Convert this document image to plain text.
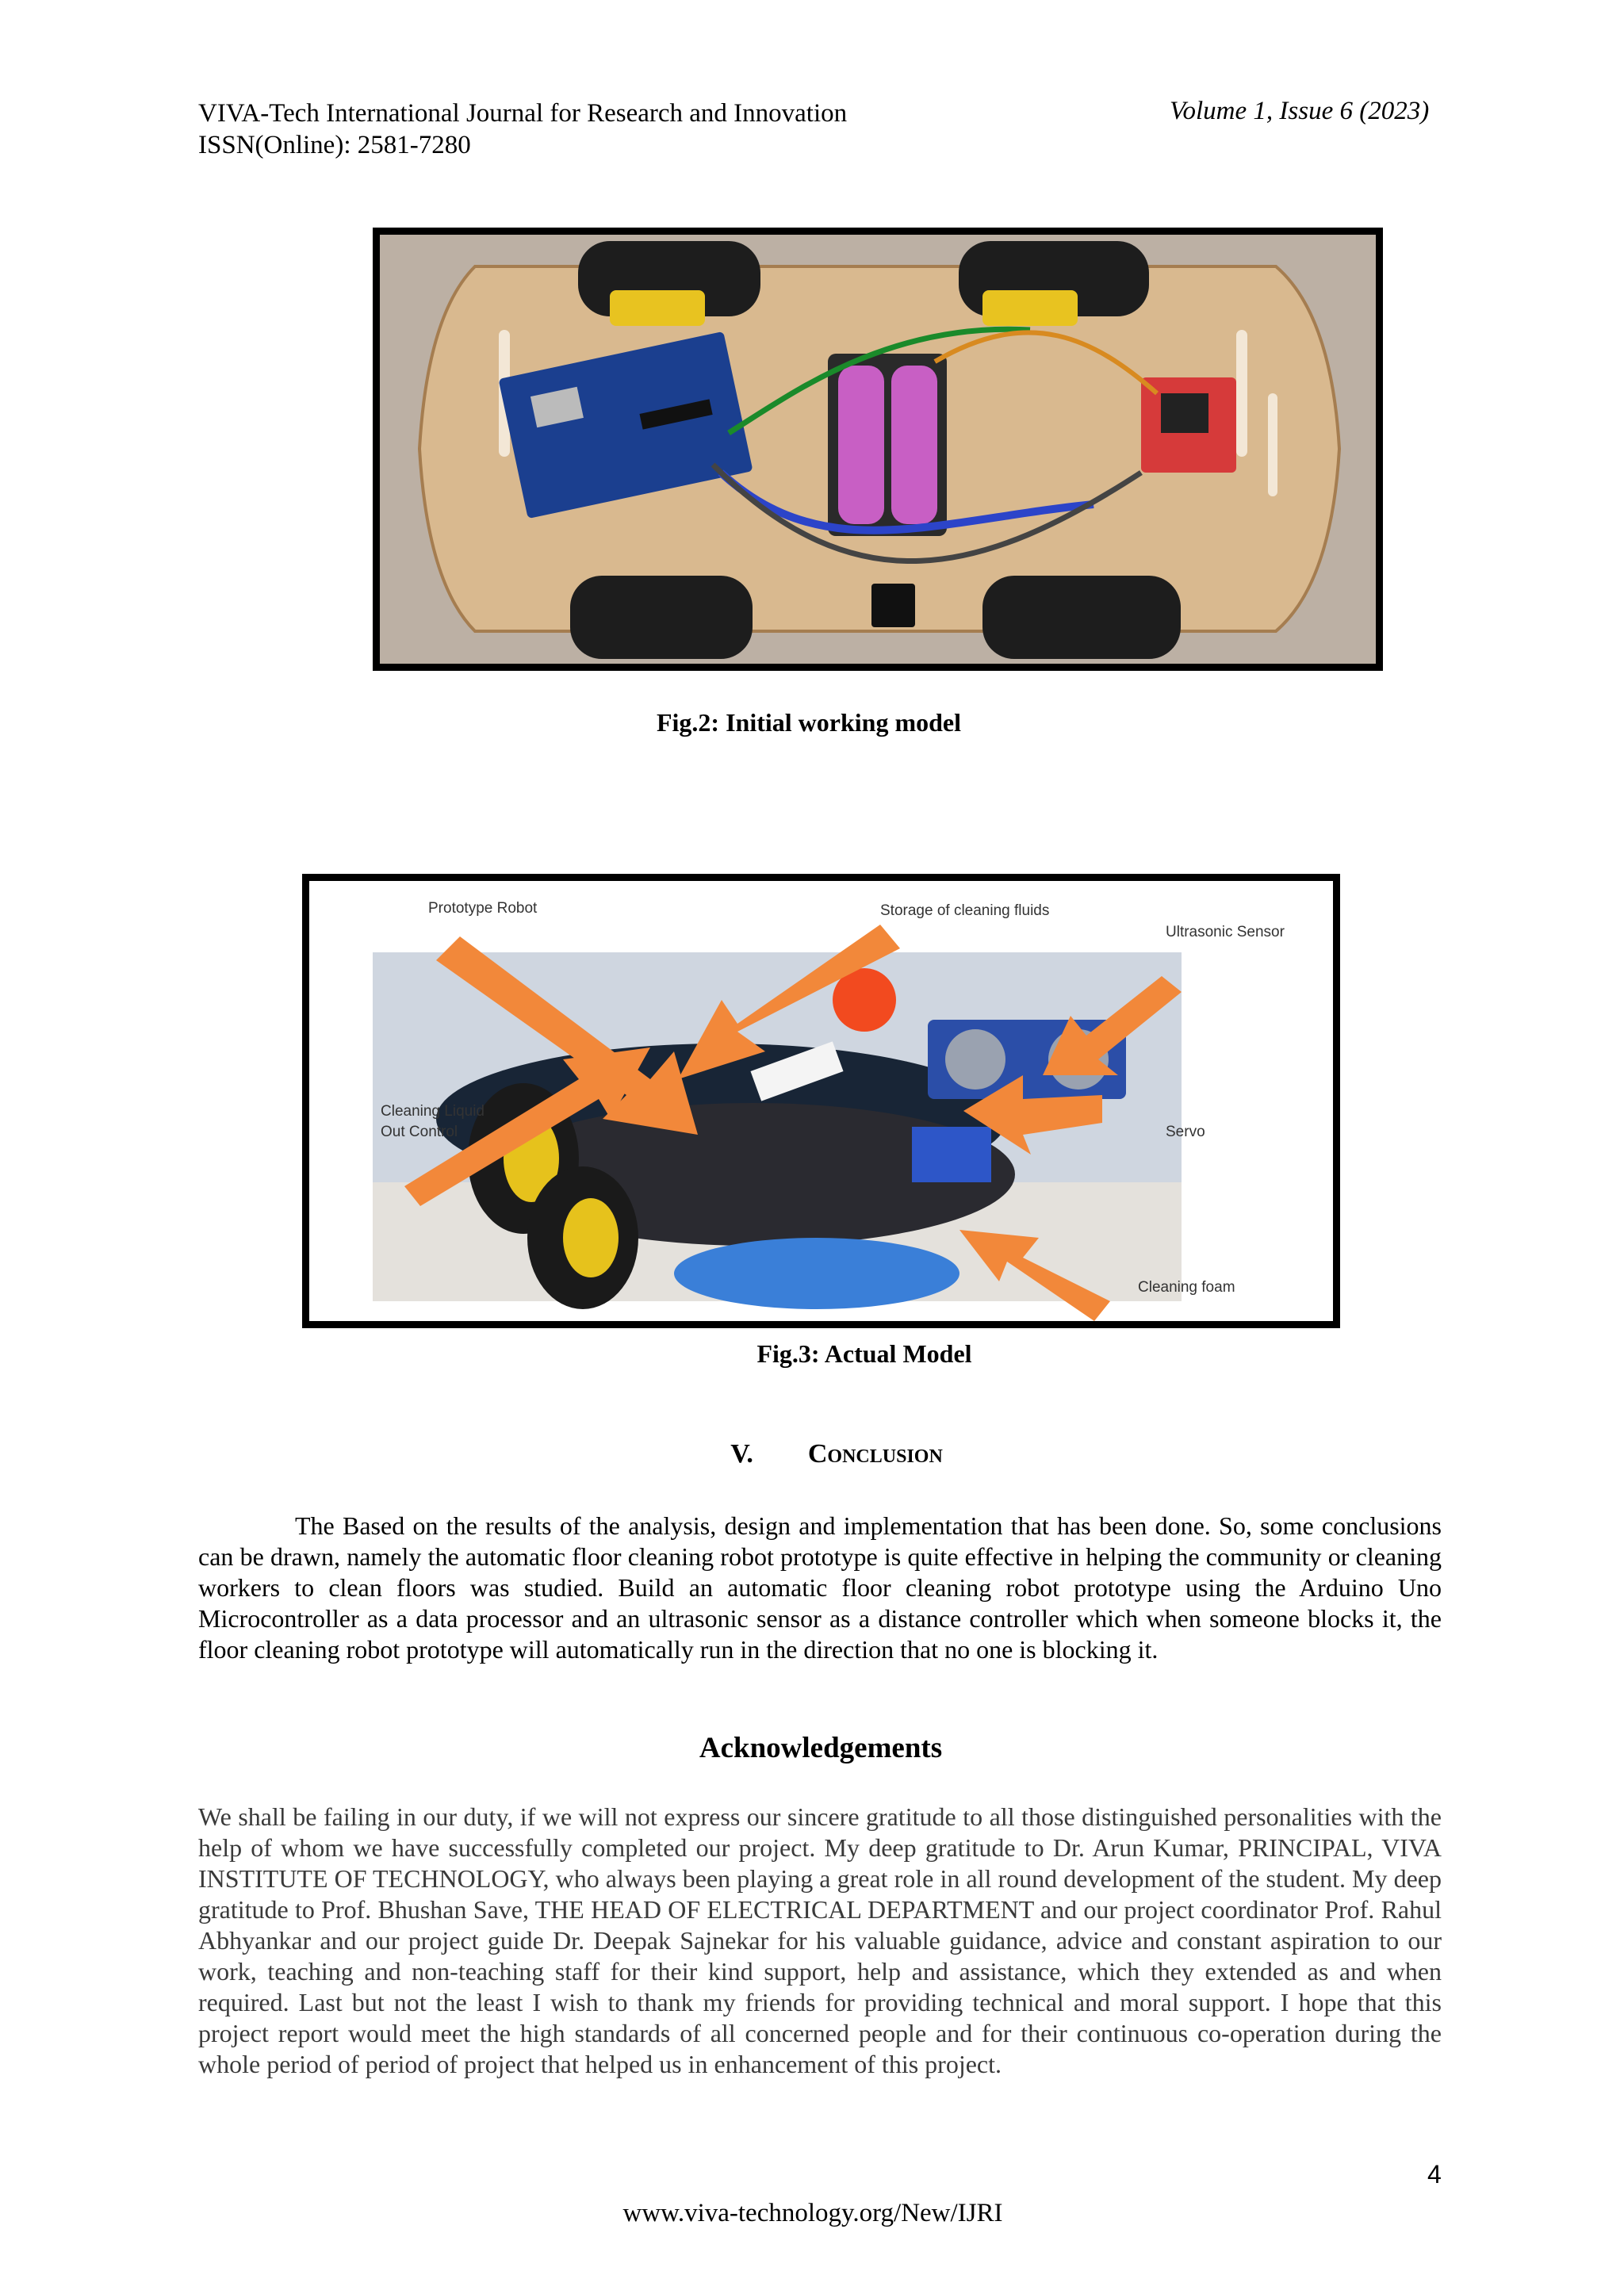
VIVA-Tech International Journal for Research and Innovation
ISSN(Online): 2581-7280
Volume 1, Issue 6 (2023)
Fig.2: Initial working model
Prototype Robot	Storage of cleaning fluids
Ultrasonic Sensor
Cleaning Liquid
Out Control	Servo
Cleaning foam
Fig.3: Actual Model
V. Conclusion
The Based on the results of the analysis, design and implementation that has been done. So, some conclusions can be drawn, namely the automatic floor cleaning robot prototype is quite effective in helping the community or cleaning workers to clean floors was studied. Build an automatic floor cleaning robot prototype using the Arduino Uno Microcontroller as a data processor and an ultrasonic sensor as a distance controller which when someone blocks it, the floor cleaning robot prototype will automatically run in the direction that no one is blocking it.
Acknowledgements
We shall be failing in our duty, if we will not express our sincere gratitude to all those distinguished personalities with the help of whom we have successfully completed our project. My deep gratitude to Dr. Arun Kumar, PRINCIPAL, VIVA INSTITUTE OF TECHNOLOGY, who always been playing a great role in all round development of the student. My deep gratitude to Prof. Bhushan Save, THE HEAD OF ELECTRICAL DEPARTMENT and our project coordinator Prof. Rahul Abhyankar and our project guide Dr. Deepak Sajnekar for his valuable guidance, advice and constant aspiration to our work, teaching and non-teaching staff for their kind support, help and assistance, which they extended as and when required. Last but not the least I wish to thank my friends for providing technical and moral support. I hope that this project report would meet the high standards of all concerned people and for their continuous co-operation during the whole period of period of project that helped us in enhancement of this project.
4
www.viva-technology.org/New/IJRI
